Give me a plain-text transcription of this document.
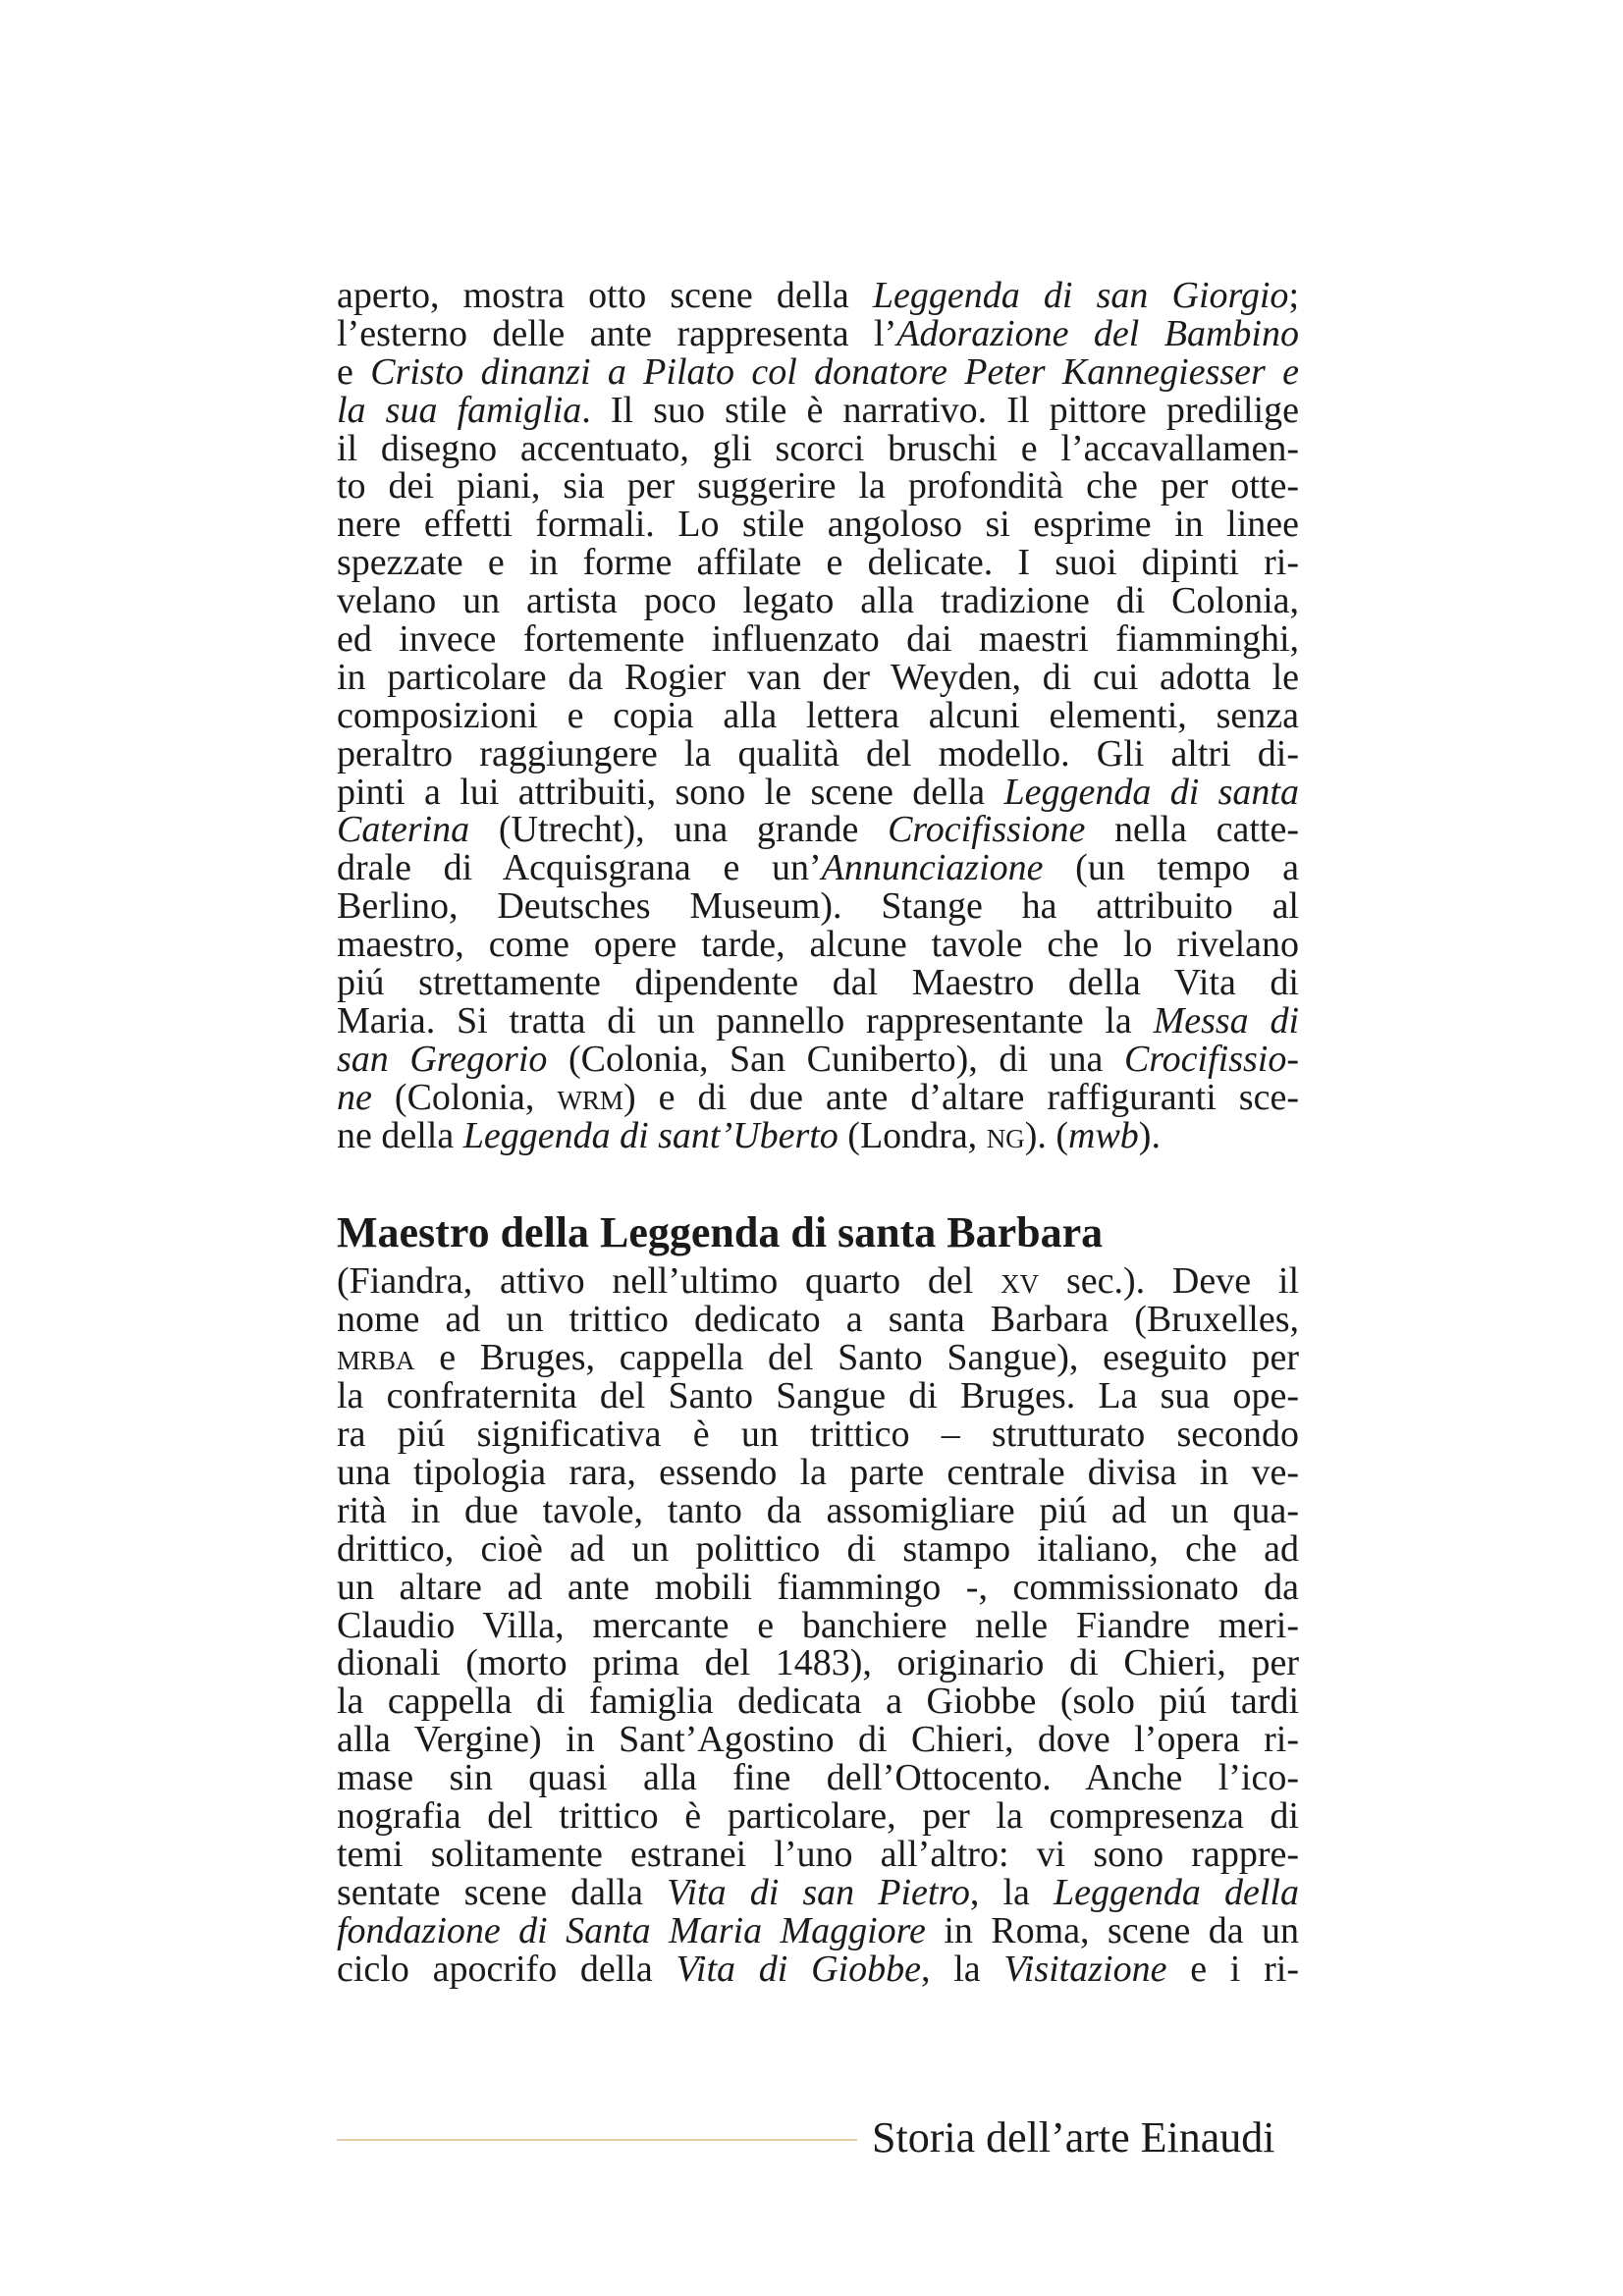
aperto, mostra otto scene della Leggenda di san Giorgio;
l’esterno delle ante rappresenta l’Adorazione del Bambino
e Cristo dinanzi a Pilato col donatore Peter Kannegiesser e
la sua famiglia. Il suo stile è narrativo. Il pittore predilige
il disegno accentuato, gli scorci bruschi e l’accavallamen-
to dei piani, sia per suggerire la profondità che per otte-
nere effetti formali. Lo stile angoloso si esprime in linee
spezzate e in forme affilate e delicate. I suoi dipinti ri-
velano un artista poco legato alla tradizione di Colonia,
ed invece fortemente influenzato dai maestri fiamminghi,
in particolare da Rogier van der Weyden, di cui adotta le
composizioni e copia alla lettera alcuni elementi, senza
peraltro raggiungere la qualità del modello. Gli altri di-
pinti a lui attribuiti, sono le scene della Leggenda di santa
Caterina (Utrecht), una grande Crocifissione nella catte-
drale di Acquisgrana e un’Annunciazione (un tempo a
Berlino, Deutsches Museum). Stange ha attribuito al
maestro, come opere tarde, alcune tavole che lo rivelano
piú strettamente dipendente dal Maestro della Vita di
Maria. Si tratta di un pannello rappresentante la Messa di
san Gregorio (Colonia, San Cuniberto), di una Crocifissio-
ne (Colonia, wrm) e di due ante d’altare raffiguranti sce-
ne della Leggenda di sant’Uberto (Londra, ng). (mwb).
Maestro della Leggenda di santa Barbara
(Fiandra, attivo nell’ultimo quarto del xv sec.). Deve il
nome ad un trittico dedicato a santa Barbara (Bruxelles,
mrba e Bruges, cappella del Santo Sangue), eseguito per
la confraternita del Santo Sangue di Bruges. La sua ope-
ra piú significativa è un trittico – strutturato secondo
una tipologia rara, essendo la parte centrale divisa in ve-
rità in due tavole, tanto da assomigliare piú ad un qua-
drittico, cioè ad un polittico di stampo italiano, che ad
un altare ad ante mobili fiammingo -, commissionato da
Claudio Villa, mercante e banchiere nelle Fiandre meri-
dionali (morto prima del 1483), originario di Chieri, per
la cappella di famiglia dedicata a Giobbe (solo piú tardi
alla Vergine) in Sant’Agostino di Chieri, dove l’opera ri-
mase sin quasi alla fine dell’Ottocento. Anche l’ico-
nografia del trittico è particolare, per la compresenza di
temi solitamente estranei l’uno all’altro: vi sono rappre-
sentate scene dalla Vita di san Pietro, la Leggenda della
fondazione di Santa Maria Maggiore in Roma, scene da un
ciclo apocrifo della Vita di Giobbe, la Visitazione e i ri-
Storia dell’arte Einaudi
